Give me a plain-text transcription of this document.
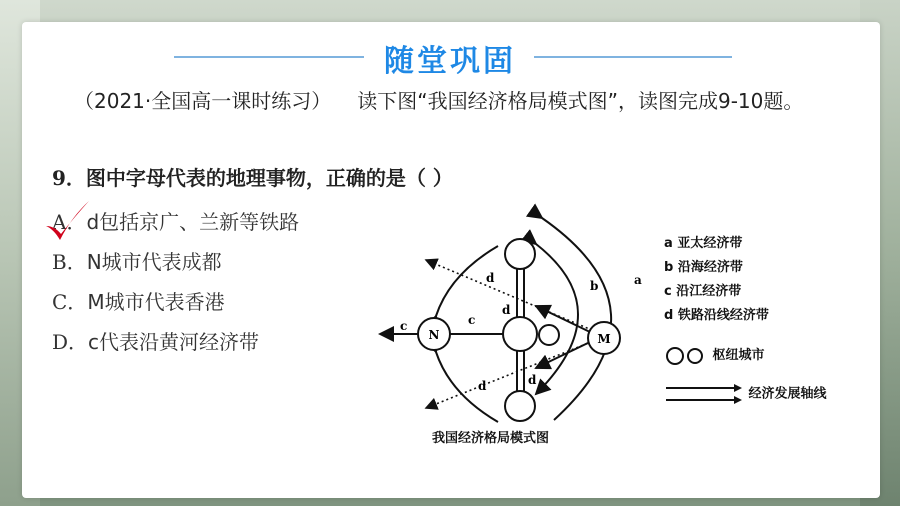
随堂巩固
（2021·全国高一课时练习） 读下图“我国经济格局模式图”，读图完成9-10题。
9．图中字母代表的地理事物，正确的是（ ）
A．d包括京广、兰新等铁路
B．N城市代表成都
C．M城市代表香港
D．c代表沿黄河经济带	N	M
a
b
c	c
d
d
d
d
a 亚太经济带
b 沿海经济带
c 沿江经济带
d 铁路沿线经济带
枢纽城市
经济发展轴线
我国经济格局模式图
